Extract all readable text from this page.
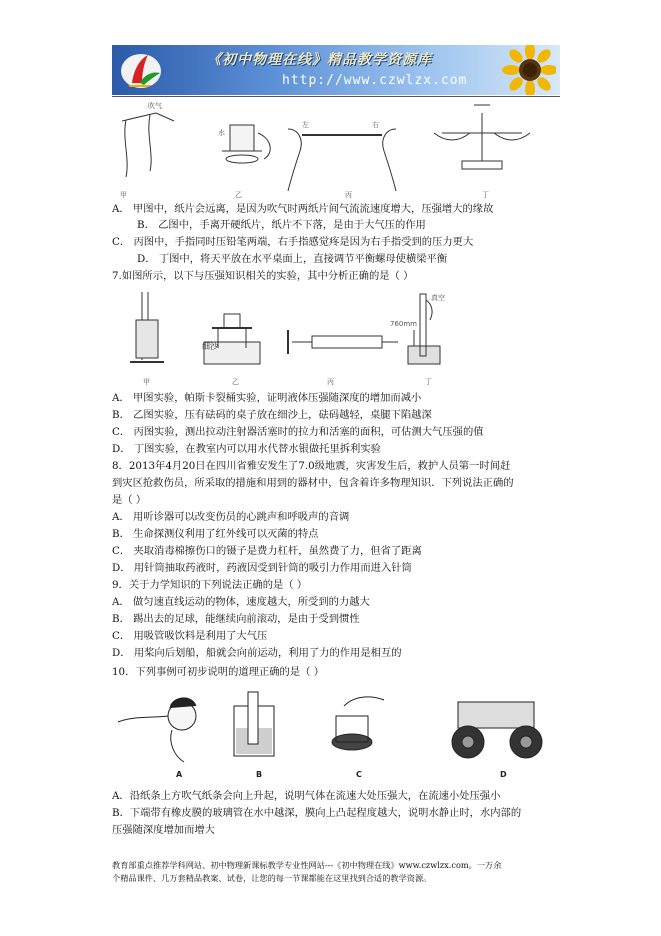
《初中物理在线》精品教学资源库
http://www.czwlzx.com
甲	乙	丙	丁
吹气
水
左	右
A． 甲图中，纸片会远离，是因为吹气时两纸片间气流流速度增大，压强增大的缘故
B． 乙图中，手离开硬纸片，纸片不下落，是由于大气压的作用
C． 丙图中，手指同时压铅笔两端，右手指感觉疼是因为右手指受到的压力更大
D． 丁图中，将天平放在水平桌面上，直接调节平衡螺母使横梁平衡
7.如图所示，以下与压强知识相关的实验，其中分析正确的是（ ）
细沙
真空
760mm
甲	乙	丙	丁
A． 甲图实验，帕斯卡裂桶实验，证明液体压强随深度的增加而减小
B． 乙图实验，压有砝码的桌子放在细沙上，砝码越轻，桌腿下陷越深
C． 丙图实验，测出拉动注射器活塞时的拉力和活塞的面积，可估测大气压强的值
D． 丁图实验，在教室内可以用水代替水银做托里拆利实验
8．2013年4月20日在四川省雅安发生了7.0级地震，灾害发生后，救护人员第一时间赶
到灾区抢救伤员，所采取的措施和用到的器材中，包含着许多物理知识．下列说法正确的
是（ ）
A． 用听诊器可以改变伤员的心跳声和呼吸声的音调
B． 生命探测仪利用了红外线可以灭菌的特点
C． 夹取消毒棉擦伤口的镊子是费力杠杆，虽然费了力，但省了距离
D． 用针筒抽取药液时，药液因受到针筒的吸引力作用而进入针筒
9．关于力学知识的下列说法正确的是（ ）
A． 做匀速直线运动的物体，速度越大，所受到的力越大
B． 踢出去的足球，能继续向前滚动，是由于受到惯性
C． 用吸管吸饮料是利用了大气压
D． 用桨向后划船，船就会向前运动，利用了力的作用是相互的
10．下列事例可初步说明的道理正确的是（ ）
A	B	C	D
A．沿纸条上方吹气纸条会向上升起，说明气体在流速大处压强大，在流速小处压强小
B．下端带有橡皮膜的玻璃管在水中越深，膜向上凸起程度越大，说明水静止时，水内部的
压强随深度增加而增大
教育部重点推荐学科网站、初中物理新课标教学专业性网站---《初中物理在线》www.czwlzx.com。一万余
个精品课件、几万套精品教案、试卷，让您的每一节课都能在这里找到合适的教学资源。
